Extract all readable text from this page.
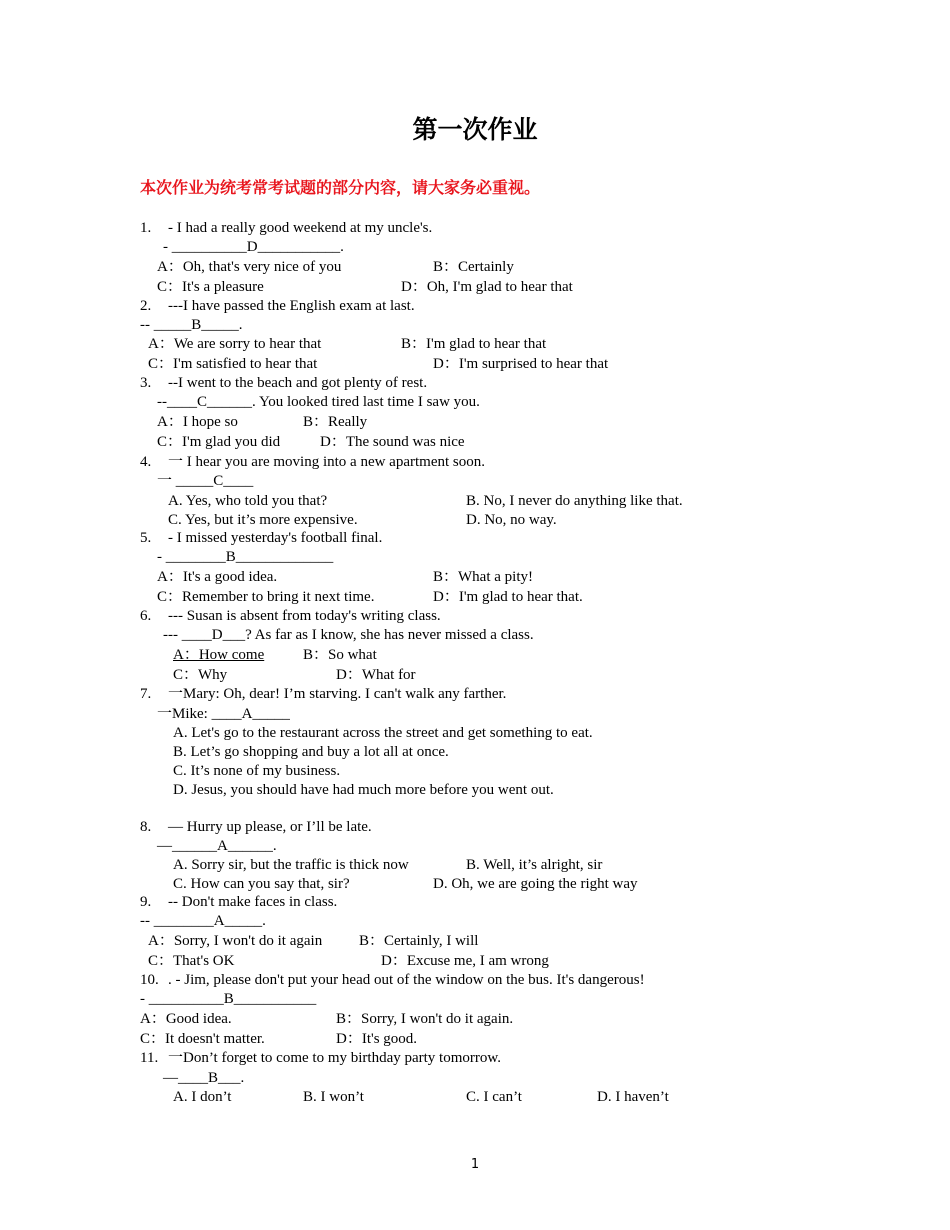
第一次作业

本次作业为统考常考试题的部分内容，请大家务必重视。

1. - I had a really good weekend at my uncle's.
- __________D___________.
A：Oh, that's very nice of you	B：Certainly
C：It's a pleasure	D：Oh, I'm glad to hear that
2. ---I have passed the English exam at last.
-- _____B_____.
A：We are sorry to hear that	B：I'm glad to hear that
C：I'm satisfied to hear that	D：I'm surprised to hear that
3. --I went to the beach and got plenty of rest.
--____C______. You looked tired last time I saw you.
A：I hope so	B：Really
C：I'm glad you did	D：The sound was nice
4. 一 I hear you are moving into a new apartment soon.
一 _____C____
A. Yes, who told you that?	B. No, I never do anything like that.
C. Yes, but it’s more expensive.	D. No, no way.
5. - I missed yesterday's football final.
- ________B_____________
A：It's a good idea.	B：What a pity!
C：Remember to bring it next time.	D：I'm glad to hear that.
6. --- Susan is absent from today's writing class.
--- ____D___? As far as I know, she has never missed a class.
A：How come	B：So what
C：Why	D：What for
7. 一Mary: Oh, dear! I’m starving. I can't walk any farther.
一Mike: ____A_____
A. Let's go to the restaurant across the street and get something to eat.
B. Let’s go shopping and buy a lot all at once.
C. It’s none of my business.
D. Jesus, you should have had much more before you went out.
8. — Hurry up please, or I’ll be late.
—______A______.
A. Sorry sir, but the traffic is thick now	B. Well, it’s alright, sir
C. How can you say that, sir?	D. Oh, we are going the right way
9. -- Don't make faces in class.
-- ________A_____.
A：Sorry, I won't do it again B：Certainly, I will
C：That's OK	D：Excuse me, I am wrong
10. . - Jim, please don't put your head out of the window on the bus. It's dangerous!
- __________B___________
A：Good idea.	B：Sorry, I won't do it again.
C：It doesn't matter.	D：It's good.
11. 一Don’t forget to come to my birthday party tomorrow.
—____B___.
A. I don’t	B. I won’t	C. I can’t	D. I haven’t
1
